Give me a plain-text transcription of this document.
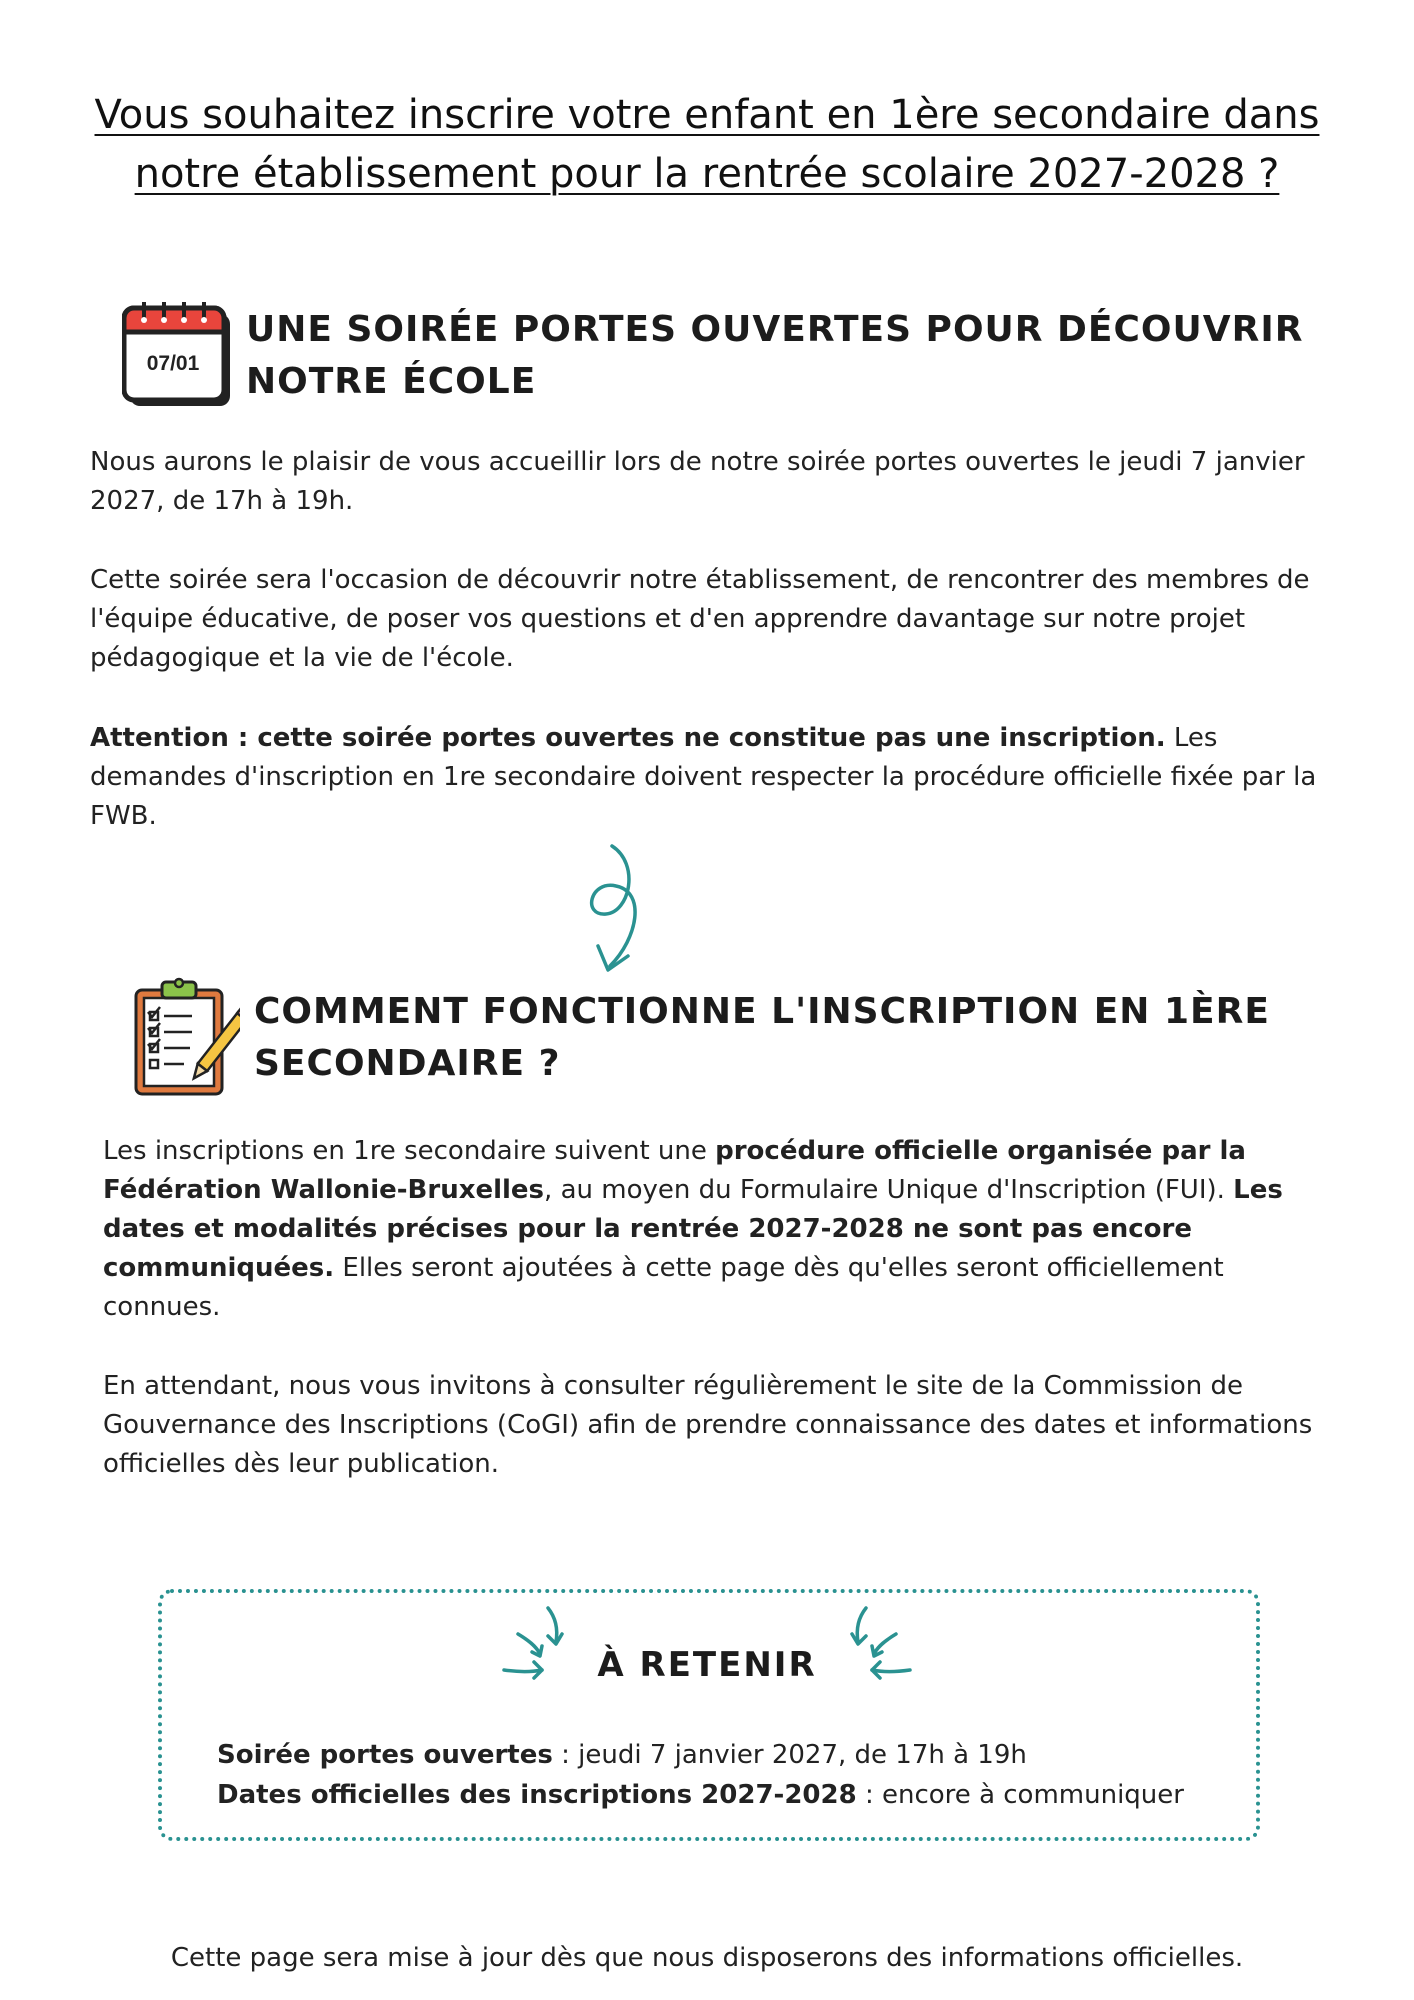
Vous souhaitez inscrire votre enfant en 1ère secondaire dans
notre établissement pour la rentrée scolaire 2027-2028 ?
07/01
UNE SOIRÉE PORTES OUVERTES POUR DÉCOUVRIR
NOTRE ÉCOLE

Nous aurons le plaisir de vous accueillir lors de notre soirée portes ouvertes le jeudi 7 janvier 2027, de 17h à 19h.

Cette soirée sera l'occasion de découvrir notre établissement, de rencontrer des membres de l'équipe éducative, de poser vos questions et d'en apprendre davantage sur notre projet pédagogique et la vie de l'école.

Attention : cette soirée portes ouvertes ne constitue pas une inscription. Les demandes d'inscription en 1re secondaire doivent respecter la procédure officielle fixée par la FWB.

COMMENT FONCTIONNE L'INSCRIPTION EN 1ÈRE
SECONDAIRE ?

Les inscriptions en 1re secondaire suivent une procédure officielle organisée par la Fédération Wallonie-Bruxelles, au moyen du Formulaire Unique d'Inscription (FUI). Les dates et modalités précises pour la rentrée 2027-2028 ne sont pas encore communiquées. Elles seront ajoutées à cette page dès qu'elles seront officiellement connues.

En attendant, nous vous invitons à consulter régulièrement le site de la Commission de Gouvernance des Inscriptions (CoGI) afin de prendre connaissance des dates et informations officielles dès leur publication.

À RETENIR
Soirée portes ouvertes : jeudi 7 janvier 2027, de 17h à 19h
Dates officielles des inscriptions 2027-2028 : encore à communiquer
Cette page sera mise à jour dès que nous disposerons des informations officielles.
